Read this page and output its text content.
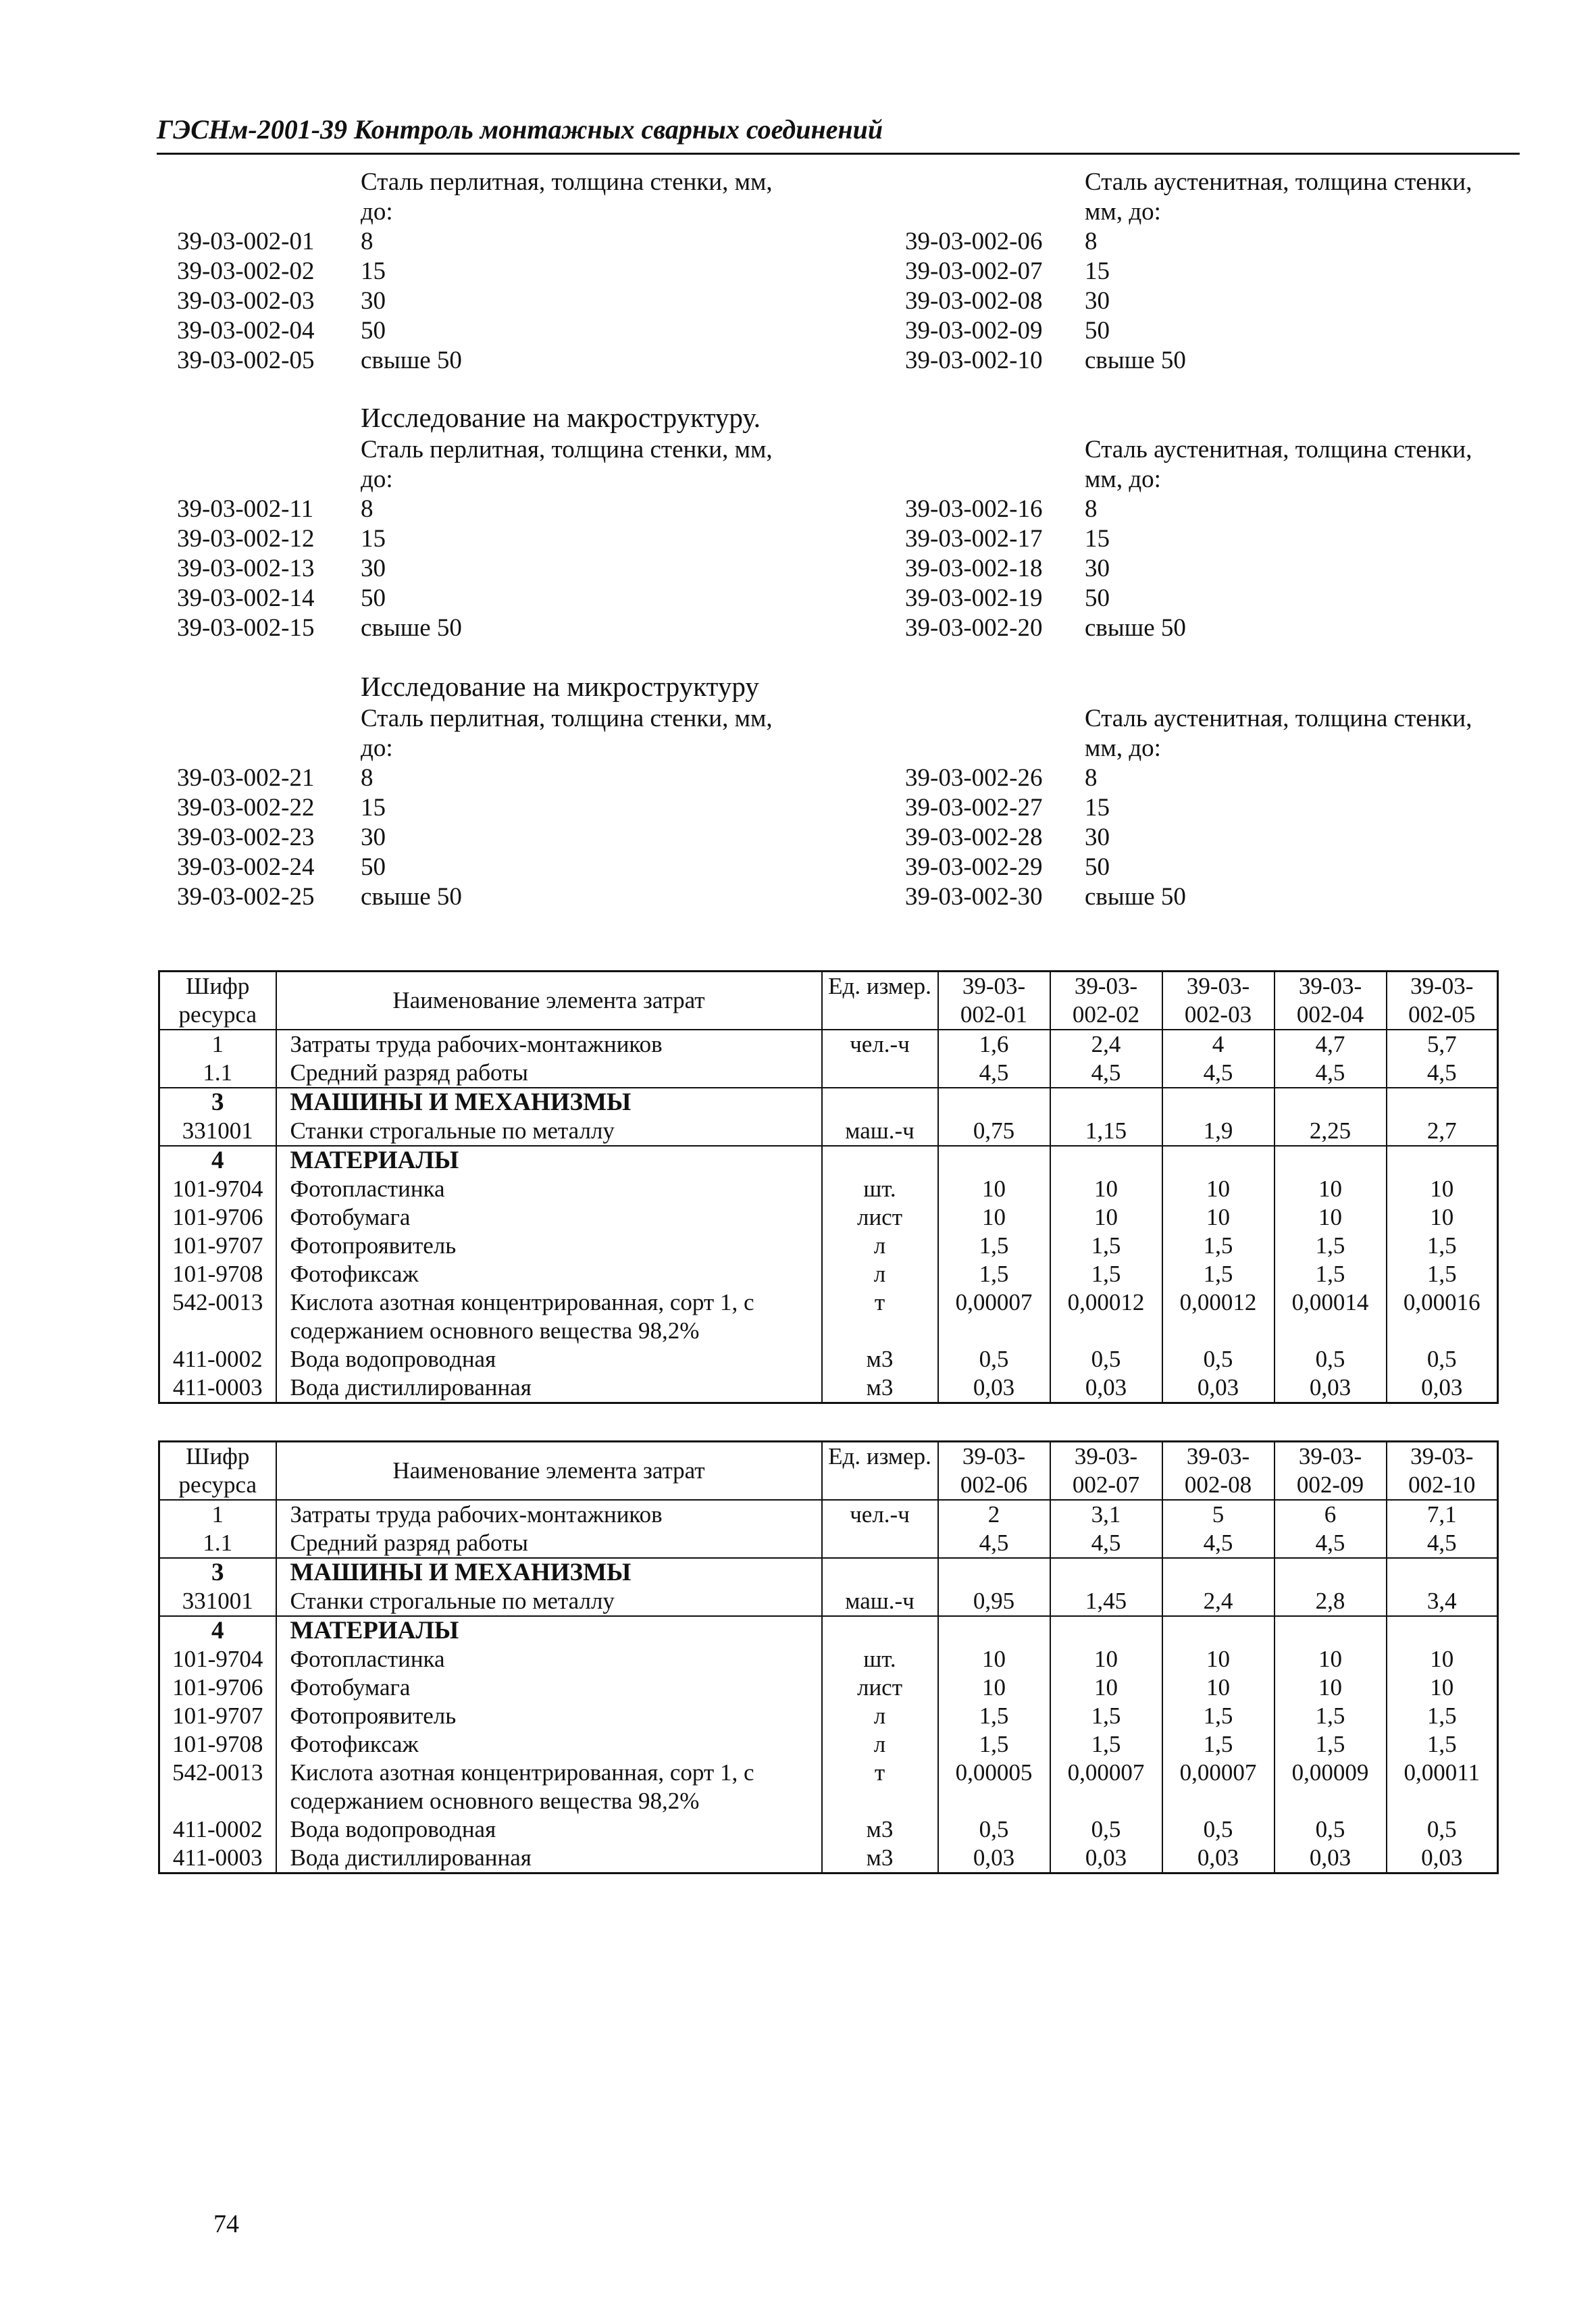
ГЭСНм-2001-39 Контроль монтажных сварных соединений
Сталь перлитная, толщина стенки, мм,
до:
Сталь аустенитная, толщина стенки,
мм, до:
39-03-002-01 8	39-03-002-06 8
39-03-002-02 15	39-03-002-07 15
39-03-002-03 30	39-03-002-08 30
39-03-002-04 50	39-03-002-09 50
39-03-002-05 свыше 50	39-03-002-10 свыше 50
Исследование на макроструктуру.
Сталь перлитная, толщина стенки, мм,
до:
Сталь аустенитная, толщина стенки,
мм, до:
39-03-002-11 8	39-03-002-16 8
39-03-002-12 15	39-03-002-17 15
39-03-002-13 30	39-03-002-18 30
39-03-002-14 50	39-03-002-19 50
39-03-002-15 свыше 50	39-03-002-20 свыше 50
Исследование на микроструктуру
Сталь перлитная, толщина стенки, мм,
до:
Сталь аустенитная, толщина стенки,
мм, до:
39-03-002-21 8	39-03-002-26 8
39-03-002-22 15	39-03-002-27 15
39-03-002-23 30	39-03-002-28 30
39-03-002-24 50	39-03-002-29 50
39-03-002-25 свыше 50	39-03-002-30 свыше 50
Шифр ресурса	Наименование элемента затрат	Ед. измер.	39-03- 002-01	39-03- 002-02	39-03- 002-03	39-03- 002-04	39-03- 002-05
1	Затраты труда рабочих-монтажников	чел.-ч	1,6	2,4	4	4,7	5,7
1.1	Средний разряд работы		4,5	4,5	4,5	4,5	4,5
3	МАШИНЫ И МЕХАНИЗМЫ						
331001	Станки строгальные по металлу	маш.-ч	0,75	1,15	1,9	2,25	2,7
4	МАТЕРИАЛЫ						
101-9704	Фотопластинка	шт.	10	10	10	10	10
101-9706	Фотобумага	лист	10	10	10	10	10
101-9707	Фотопроявитель	л	1,5	1,5	1,5	1,5	1,5
101-9708	Фотофиксаж	л	1,5	1,5	1,5	1,5	1,5
542-0013	Кислота азотная концентрированная, сорт 1, с содержанием основного вещества 98,2%	т	0,00007	0,00012	0,00012	0,00014	0,00016
411-0002	Вода водопроводная	м3	0,5	0,5	0,5	0,5	0,5
411-0003	Вода дистиллированная	м3	0,03	0,03	0,03	0,03	0,03
Шифр ресурса	Наименование элемента затрат	Ед. измер.	39-03- 002-06	39-03- 002-07	39-03- 002-08	39-03- 002-09	39-03- 002-10
1	Затраты труда рабочих-монтажников	чел.-ч	2	3,1	5	6	7,1
1.1	Средний разряд работы		4,5	4,5	4,5	4,5	4,5
3	МАШИНЫ И МЕХАНИЗМЫ						
331001	Станки строгальные по металлу	маш.-ч	0,95	1,45	2,4	2,8	3,4
4	МАТЕРИАЛЫ						
101-9704	Фотопластинка	шт.	10	10	10	10	10
101-9706	Фотобумага	лист	10	10	10	10	10
101-9707	Фотопроявитель	л	1,5	1,5	1,5	1,5	1,5
101-9708	Фотофиксаж	л	1,5	1,5	1,5	1,5	1,5
542-0013	Кислота азотная концентрированная, сорт 1, с содержанием основного вещества 98,2%	т	0,00005	0,00007	0,00007	0,00009	0,00011
411-0002	Вода водопроводная	м3	0,5	0,5	0,5	0,5	0,5
411-0003	Вода дистиллированная	м3	0,03	0,03	0,03	0,03	0,03
74
